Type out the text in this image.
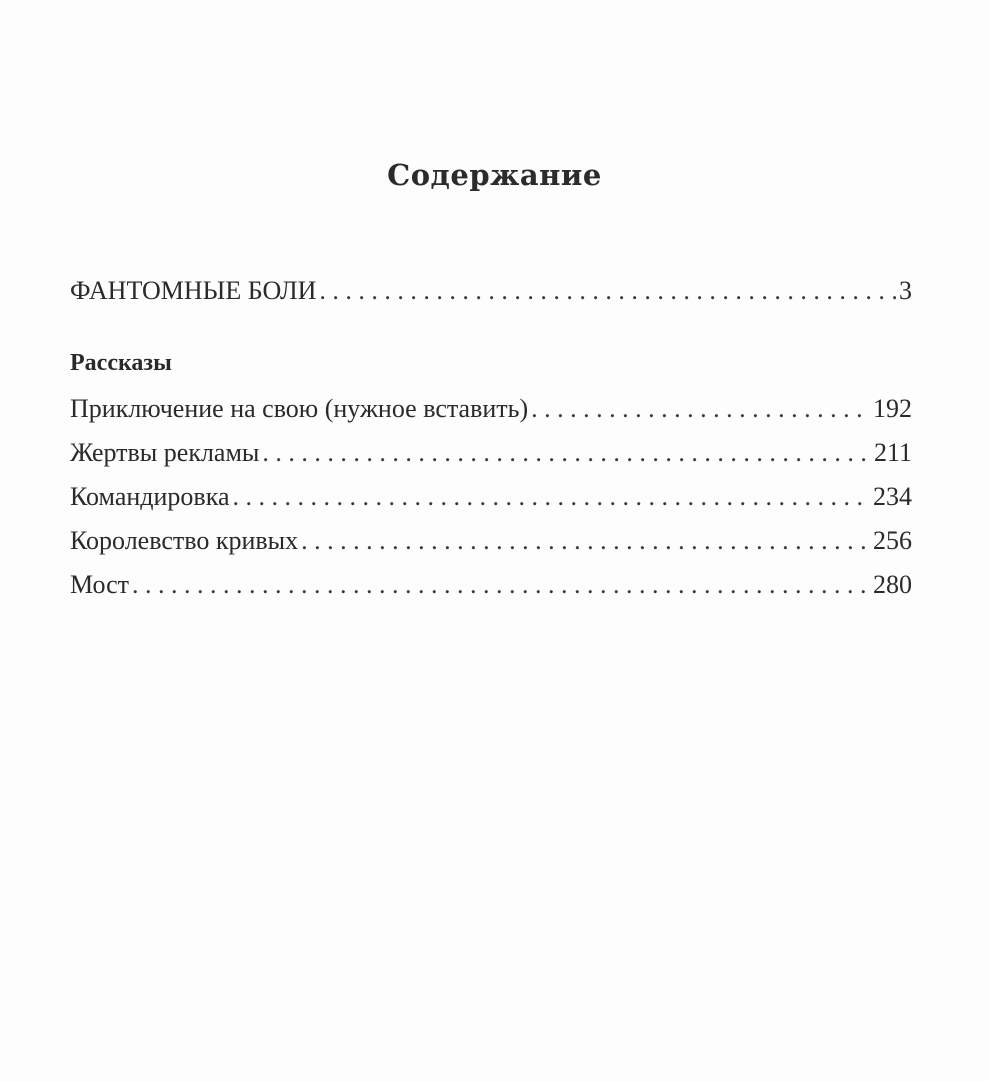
Содержание
ФАНТОМНЫЕ БОЛИ . . .	3
Рассказы
Приключение на свою (нужное вставить) . . .	192
Жертвы рекламы . . .	211
Командировка . . .	234
Королевство кривых . . .	256
Мост . . .	280
